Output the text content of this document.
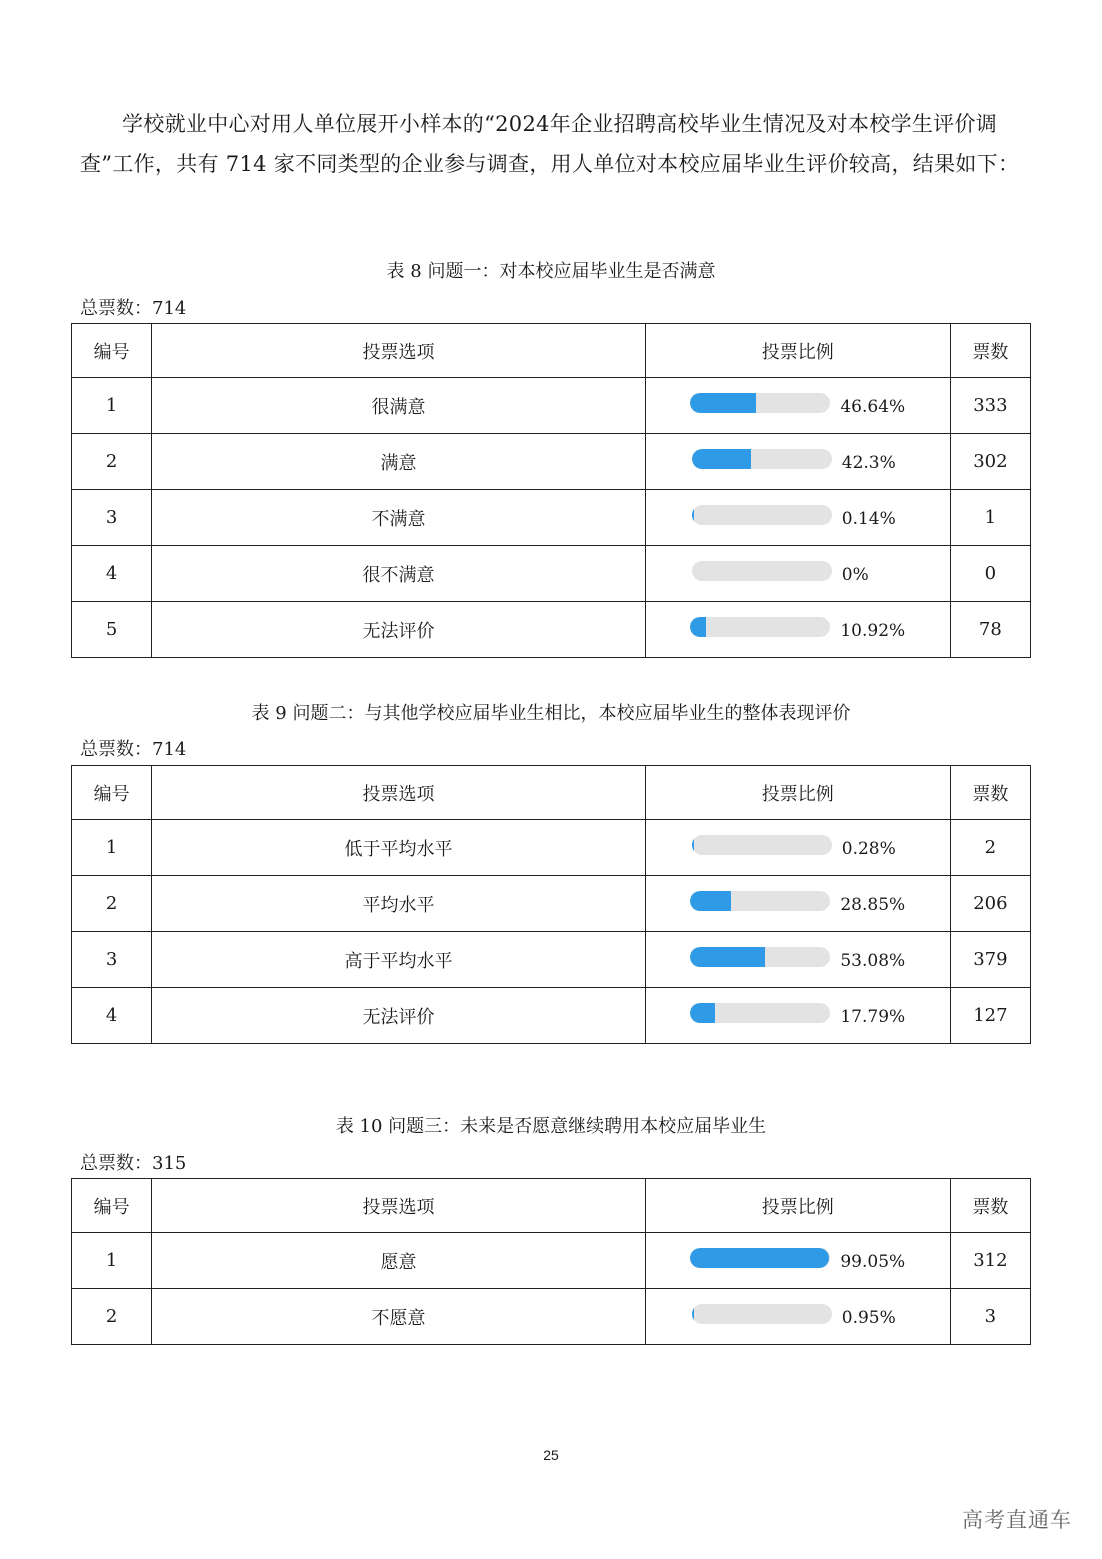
学校就业中心对用人单位展开小样本的“2024年企业招聘高校毕业生情况及对本校学生评价调查”工作，共有 714 家不同类型的企业参与调查，用人单位对本校应届毕业生评价较高，结果如下：

表 8 问题一：对本校应届毕业生是否满意
总票数：714
编号	投票选项	投票比例	票数
1	很满意	46.64%	333
2	满意	42.3%	302
3	不满意	0.14%	1
4	很不满意	0%	0
5	无法评价	10.92%	78
表 9 问题二：与其他学校应届毕业生相比，本校应届毕业生的整体表现评价
总票数：714
编号	投票选项	投票比例	票数
1	低于平均水平	0.28%	2
2	平均水平	28.85%	206
3	高于平均水平	53.08%	379
4	无法评价	17.79%	127
表 10 问题三：未来是否愿意继续聘用本校应届毕业生
总票数：315
编号	投票选项	投票比例	票数
1	愿意	99.05%	312
2	不愿意	0.95%	3
25
高考直通车
